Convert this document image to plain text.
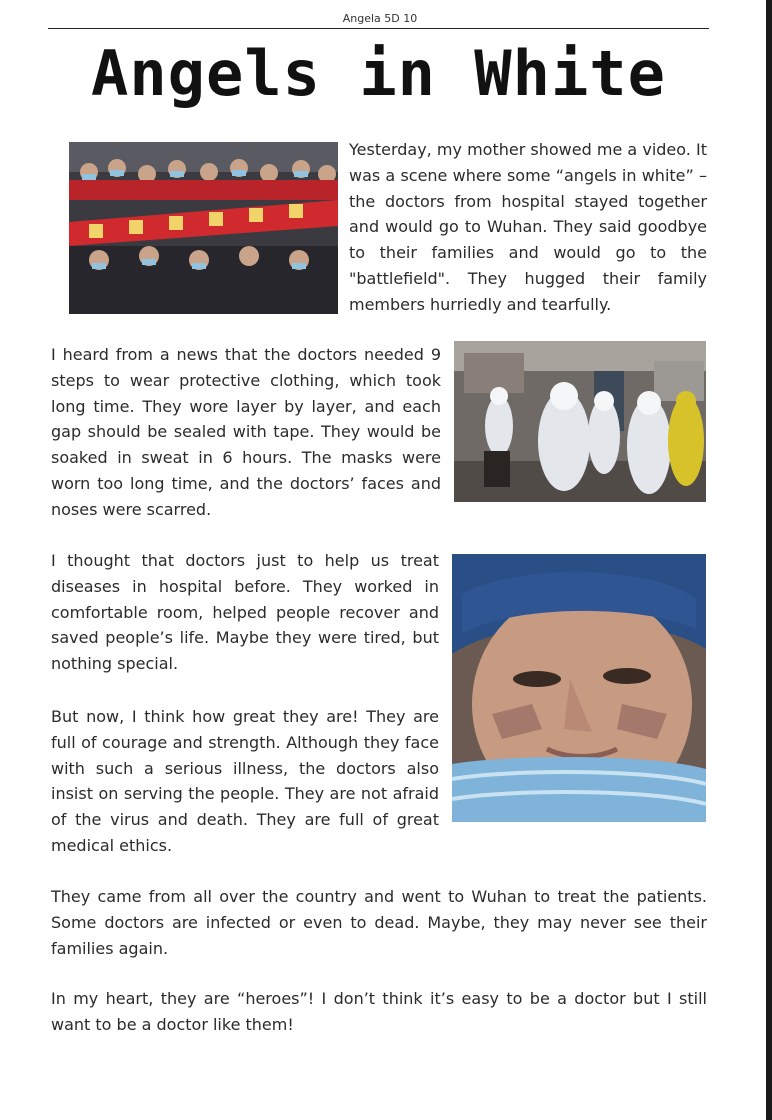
Angela 5D 10
Angels in White

Yesterday, my mother showed me a video. It was a scene where some “angels in white” – the doctors from hospital stayed together and would go to Wuhan. They said goodbye to their families and would go to the "battlefield". They hugged their family members hurriedly and tearfully.

I heard from a news that the doctors needed 9 steps to wear protective clothing, which took long time. They wore layer by layer, and each gap should be sealed with tape. They would be soaked in sweat in 6 hours. The masks were worn too long time, and the doctors’ faces and noses were scarred.

I thought that doctors just to help us treat diseases in hospital before. They worked in comfortable room, helped people recover and saved people’s life. Maybe they were tired, but nothing special.

But now, I think how great they are! They are full of courage and strength. Although they face with such a serious illness, the doctors also insist on serving the people. They are not afraid of the virus and death. They are full of great medical ethics.

They came from all over the country and went to Wuhan to treat the patients. Some doctors are infected or even to dead. Maybe, they may never see their families again.

In my heart, they are “heroes”! I don’t think it’s easy to be a doctor but I still want to be a doctor like them!
